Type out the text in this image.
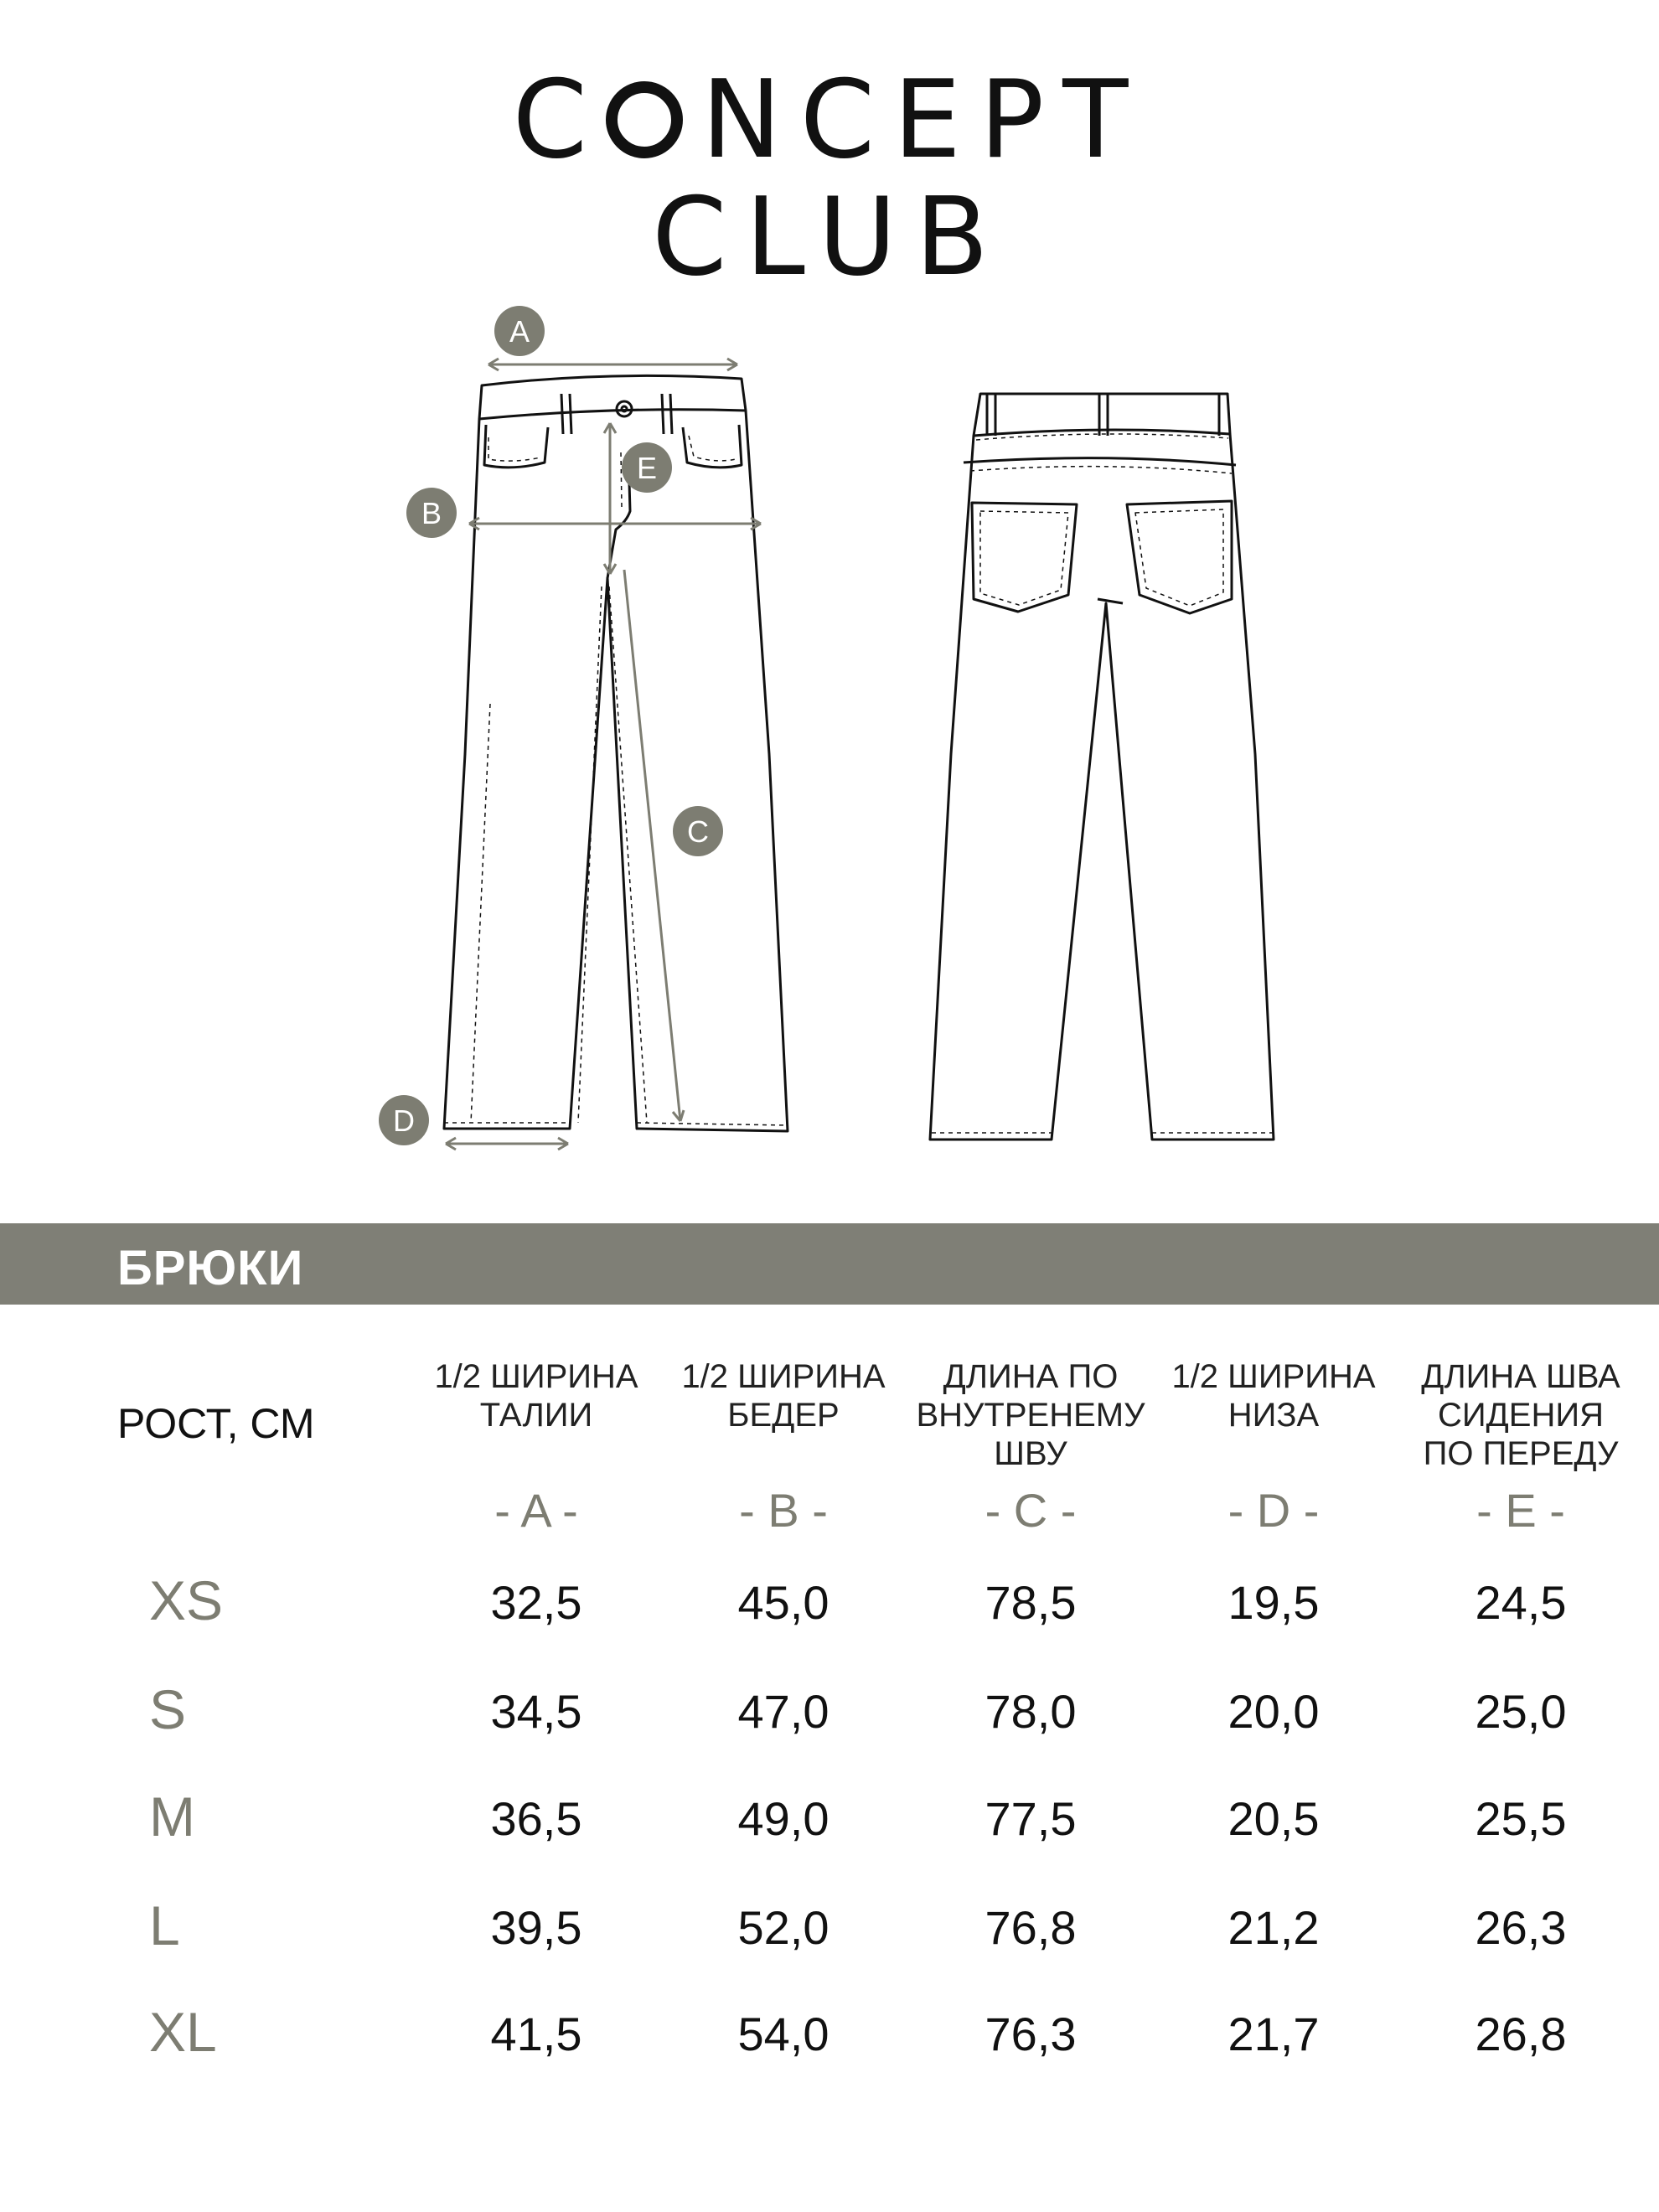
C NCEPT
CLUB
A
B
E
C
D
БРЮКИ
РОСТ, СМ
1/2 ШИРИНА
ТАЛИИ
- A -
1/2 ШИРИНА
БЕДЕР
- B -
ДЛИНА ПО
ВНУТРЕНЕМУ
ШВУ
- C -
1/2 ШИРИНА
НИЗА
- D -
ДЛИНА ШВА
СИДЕНИЯ
ПО ПЕРЕДУ
- E -
XS	32,5	45,0	78,5	19,5	24,5
S	34,5	47,0	78,0	20,0	25,0
M	36,5	49,0	77,5	20,5	25,5
L	39,5	52,0	76,8	21,2	26,3
XL	41,5	54,0	76,3	21,7	26,8
